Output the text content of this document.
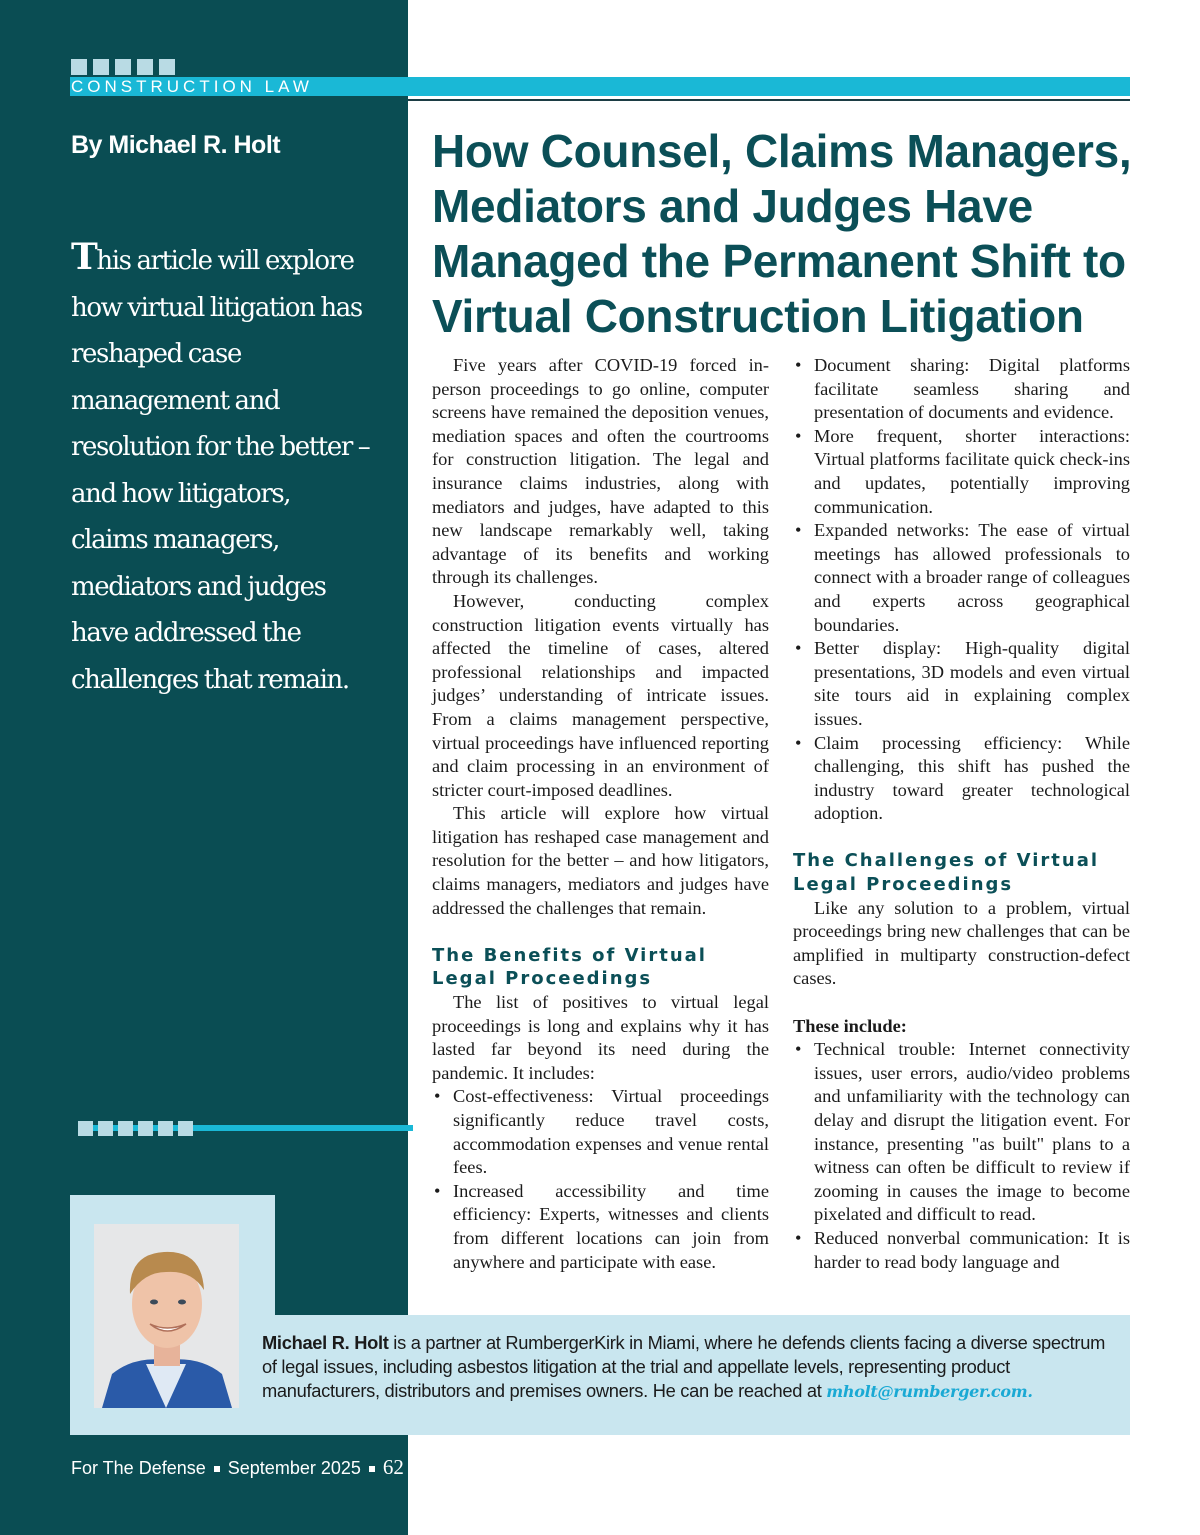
CONSTRUCTION LAW
By Michael R. Holt

This article will explore how virtual litigation has reshaped case management and resolution for the better – and how litigators, claims managers, mediators and judges have addressed the challenges that remain.

How Counsel, Claims Managers, Mediators and Judges Have Managed the Permanent Shift to Virtual Construction Litigation

Five years after COVID-19 forced in-person proceedings to go online, computer screens have remained the deposition venues, mediation spaces and often the courtrooms for construction litigation. The legal and insurance claims industries, along with mediators and judges, have adapted to this new landscape remarkably well, taking advantage of its benefits and working through its challenges.

However, conducting complex construction litigation events virtually has affected the timeline of cases, altered professional relationships and impacted judges’ understanding of intricate issues. From a claims management perspective, virtual proceedings have influenced reporting and claim processing in an environment of stricter court-imposed deadlines.

This article will explore how virtual litigation has reshaped case management and resolution for the better – and how litigators, claims managers, mediators and judges have addressed the challenges that remain.

The Benefits of Virtual Legal Proceedings

The list of positives to virtual legal proceedings is long and explains why it has lasted far beyond its need during the pandemic. It includes:

• Cost-effectiveness: Virtual proceedings significantly reduce travel costs, accommodation expenses and venue rental fees.
• Increased accessibility and time efficiency: Experts, witnesses and clients from different locations can join from anywhere and participate with ease.
• Document sharing: Digital platforms facilitate seamless sharing and presentation of documents and evidence.
• More frequent, shorter interactions: Virtual platforms facilitate quick check-ins and updates, potentially improving communication.
• Expanded networks: The ease of virtual meetings has allowed professionals to connect with a broader range of colleagues and experts across geographical boundaries.
• Better display: High-quality digital presentations, 3D models and even virtual site tours aid in explaining complex issues.
• Claim processing efficiency: While challenging, this shift has pushed the industry toward greater technological adoption.
The Challenges of Virtual Legal Proceedings

Like any solution to a problem, virtual proceedings bring new challenges that can be amplified in multiparty construction-defect cases.

These include:
• Technical trouble: Internet connectivity issues, user errors, audio/video problems and unfamiliarity with the technology can delay and disrupt the litigation event. For instance, presenting "as built" plans to a witness can often be difficult to review if zooming in causes the image to become pixelated and difficult to read.
• Reduced nonverbal communication: It is harder to read body language and

Michael R. Holt is a partner at RumbergerKirk in Miami, where he defends clients facing a diverse spectrum of legal issues, including asbestos litigation at the trial and appellate levels, representing product manufacturers, distributors and premises owners. He can be reached at mholt@rumberger.com.

For The Defense September 2025 62
